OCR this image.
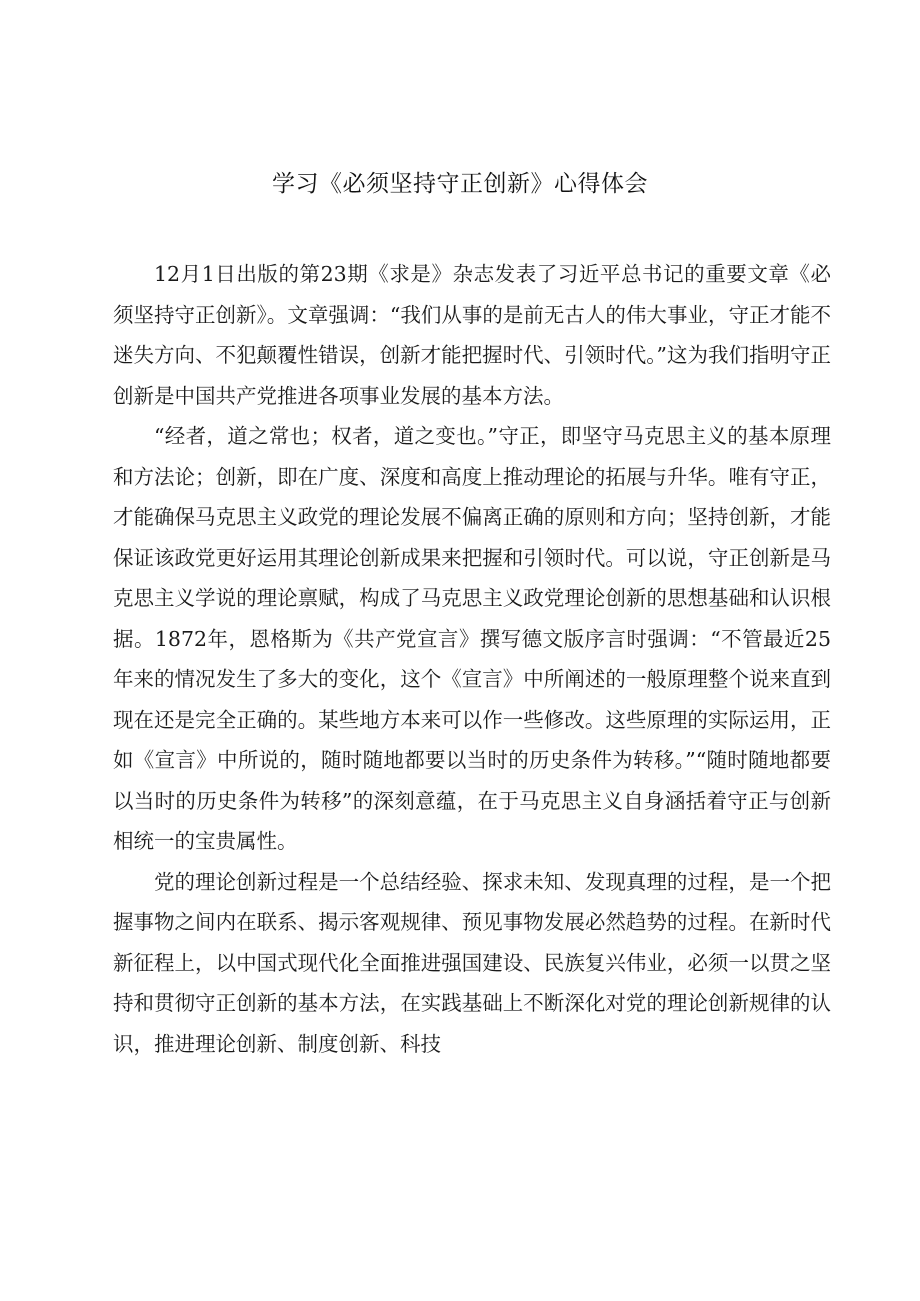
学习《必须坚持守正创新》心得体会

12月1日出版的第23期《求是》杂志发表了习近平总书记的重要文章《必须坚持守正创新》。文章强调：“我们从事的是前无古人的伟大事业，守正才能不迷失方向、不犯颠覆性错误，创新才能把握时代、引领时代。”这为我们指明守正创新是中国共产党推进各项事业发展的基本方法。

“经者，道之常也；权者，道之变也。”守正，即坚守马克思主义的基本原理和方法论；创新，即在广度、深度和高度上推动理论的拓展与升华。唯有守正，才能确保马克思主义政党的理论发展不偏离正确的原则和方向；坚持创新，才能保证该政党更好运用其理论创新成果来把握和引领时代。可以说，守正创新是马克思主义学说的理论禀赋，构成了马克思主义政党理论创新的思想基础和认识根据。1872年，恩格斯为《共产党宣言》撰写德文版序言时强调：“不管最近25年来的情况发生了多大的变化，这个《宣言》中所阐述的一般原理整个说来直到现在还是完全正确的。某些地方本来可以作一些修改。这些原理的实际运用，正如《宣言》中所说的，随时随地都要以当时的历史条件为转移。”“随时随地都要以当时的历史条件为转移”的深刻意蕴，在于马克思主义自身涵括着守正与创新相统一的宝贵属性。

党的理论创新过程是一个总结经验、探求未知、发现真理的过程，是一个把握事物之间内在联系、揭示客观规律、预见事物发展必然趋势的过程。在新时代新征程上，以中国式现代化全面推进强国建设、民族复兴伟业，必须一以贯之坚持和贯彻守正创新的基本方法，在实践基础上不断深化对党的理论创新规律的认识，推进理论创新、制度创新、科技
